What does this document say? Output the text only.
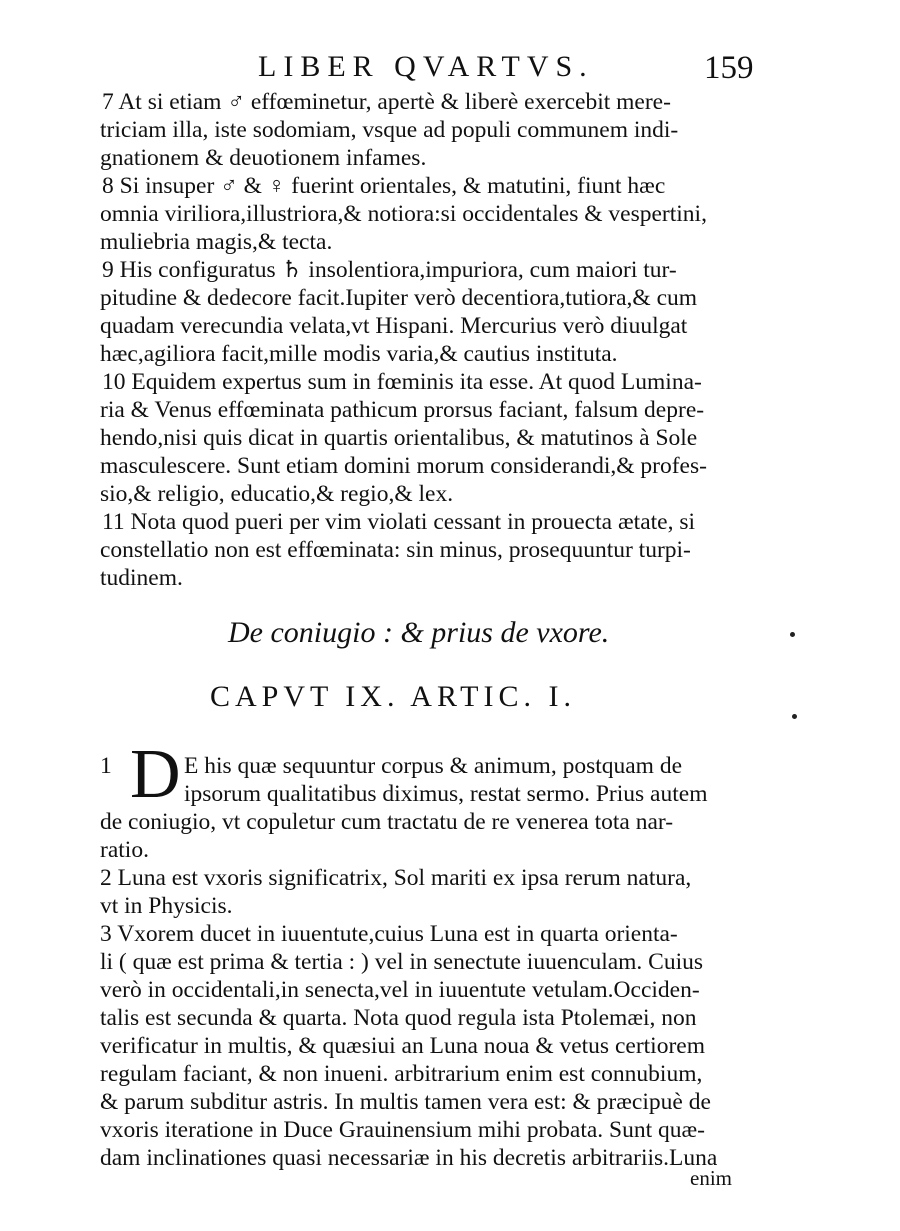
LIBER QVARTVS.	159
7 At si etiam ♂ effœminetur, apertè & liberè exercebit mere-
triciam illa, iste sodomiam, vsque ad populi communem indi-
gnationem & deuotionem infames.
8 Si insuper ♂ & ♀ fuerint orientales, & matutini, fiunt hæc
omnia viriliora,illustriora,& notiora:si occidentales & vespertini,
muliebria magis,& tecta.
9 His configuratus ♄ insolentiora,impuriora, cum maiori tur-
pitudine & dedecore facit.Iupiter verò decentiora,tutiora,& cum
quadam verecundia velata,vt Hispani. Mercurius verò diuulgat
hæc,agiliora facit,mille modis varia,& cautius instituta.
10 Equidem expertus sum in fœminis ita esse. At quod Lumina-
ria & Venus effœminata pathicum prorsus faciant, falsum depre-
hendo,nisi quis dicat in quartis orientalibus, & matutinos à Sole
masculescere. Sunt etiam domini morum considerandi,& profes-
sio,& religio, educatio,& regio,& lex.
11 Nota quod pueri per vim violati cessant in prouecta ætate, si
constellatio non est effœminata: sin minus, prosequuntur turpi-
tudinem.
De coniugio : & prius de vxore.
CAPVT IX. ARTIC. I.
D
1	E his quæ sequuntur corpus & animum, postquam de
ipsorum qualitatibus diximus, restat sermo. Prius autem
de coniugio, vt copuletur cum tractatu de re venerea tota nar-
ratio.
2 Luna est vxoris significatrix, Sol mariti ex ipsa rerum natura,
vt in Physicis.
3 Vxorem ducet in iuuentute,cuius Luna est in quarta orienta-
li ( quæ est prima & tertia : ) vel in senectute iuuenculam. Cuius
verò in occidentali,in senecta,vel in iuuentute vetulam.Occiden-
talis est secunda & quarta. Nota quod regula ista Ptolemæi, non
verificatur in multis, & quæsiui an Luna noua & vetus certiorem
regulam faciant, & non inueni. arbitrarium enim est connubium,
& parum subditur astris. In multis tamen vera est: & præcipuè de
vxoris iteratione in Duce Grauinensium mihi probata. Sunt quæ-
dam inclinationes quasi necessariæ in his decretis arbitrariis.Luna
enim
